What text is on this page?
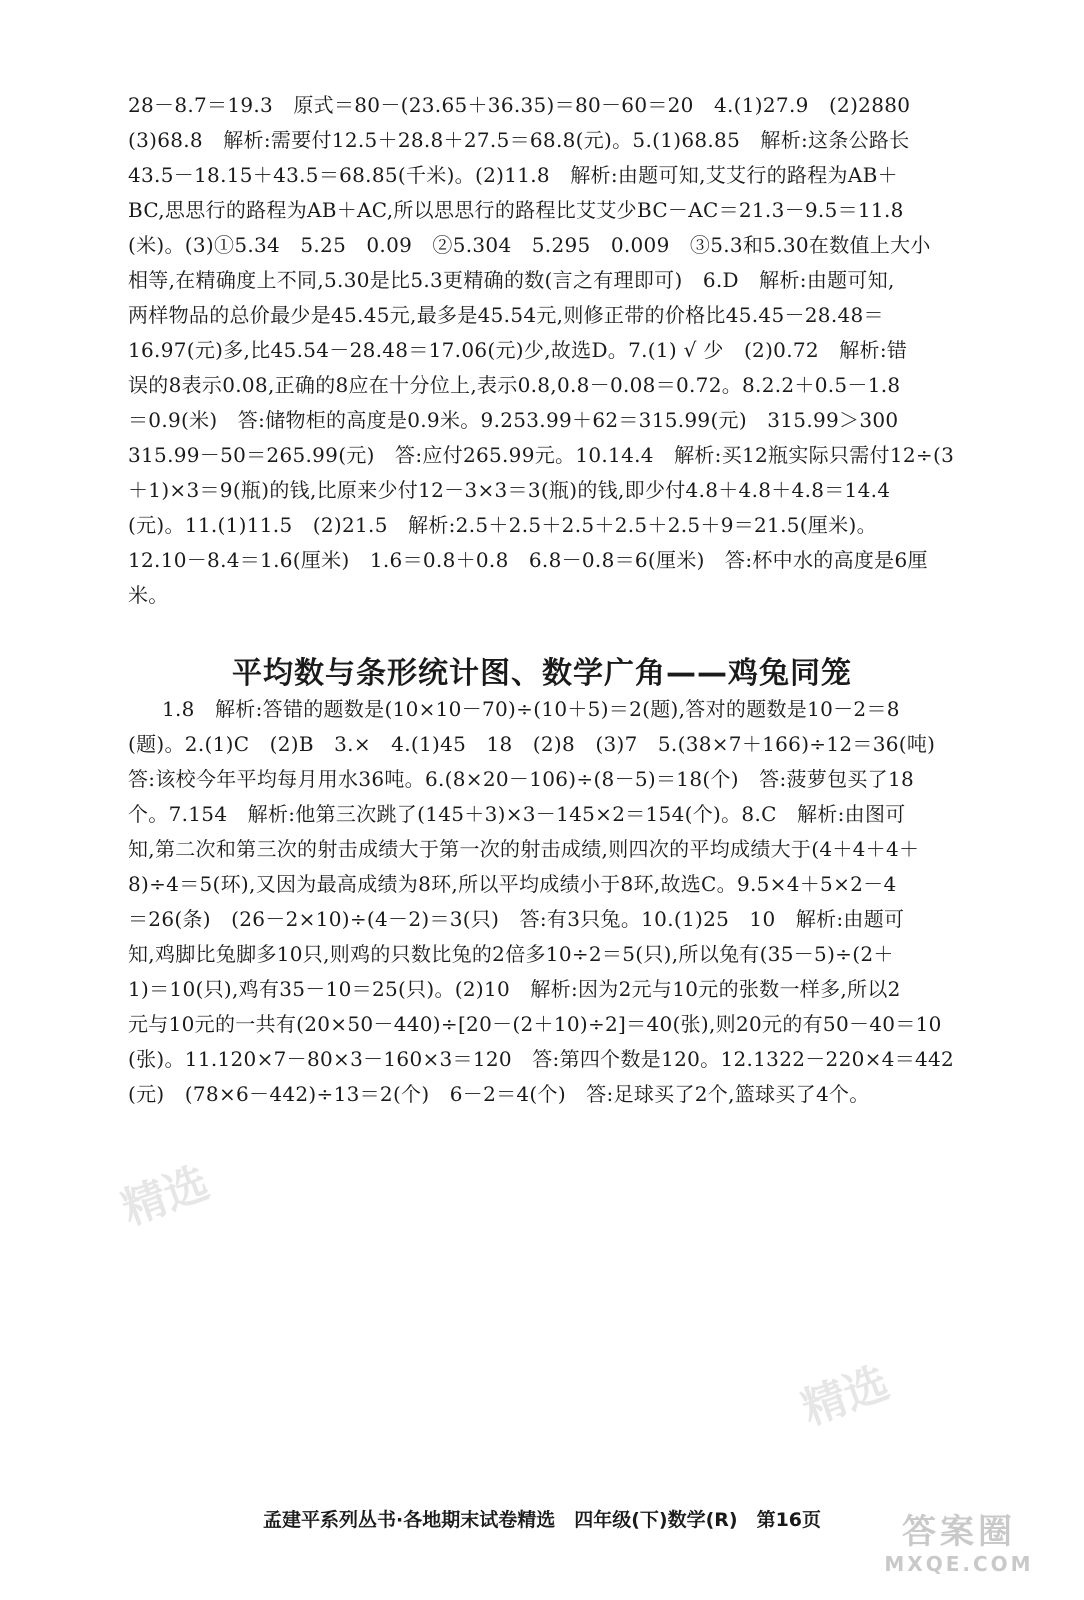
精选
精选
28－8.7＝19.3　原式＝80－(23.65＋36.35)＝80－60＝20　4.(1)27.9　(2)2880
(3)68.8　解析:需要付12.5＋28.8＋27.5＝68.8(元)。5.(1)68.85　解析:这条公路长
43.5－18.15＋43.5＝68.85(千米)。(2)11.8　解析:由题可知,艾艾行的路程为AB＋
BC,思思行的路程为AB＋AC,所以思思行的路程比艾艾少BC－AC＝21.3－9.5＝11.8
(米)。(3)①5.34　5.25　0.09　②5.304　5.295　0.009　③5.3和5.30在数值上大小
相等,在精确度上不同,5.30是比5.3更精确的数(言之有理即可)　6.D　解析:由题可知,
两样物品的总价最少是45.45元,最多是45.54元,则修正带的价格比45.45－28.48＝
16.97(元)多,比45.54－28.48＝17.06(元)少,故选D。7.(1) √ 少　(2)0.72　解析:错
误的8表示0.08,正确的8应在十分位上,表示0.8,0.8－0.08＝0.72。8.2.2＋0.5－1.8
＝0.9(米)　答:储物柜的高度是0.9米。9.253.99＋62＝315.99(元)　315.99＞300
315.99－50＝265.99(元)　答:应付265.99元。10.14.4　解析:买12瓶实际只需付12÷(3
＋1)×3＝9(瓶)的钱,比原来少付12－3×3＝3(瓶)的钱,即少付4.8＋4.8＋4.8＝14.4
(元)。11.(1)11.5　(2)21.5　解析:2.5＋2.5＋2.5＋2.5＋2.5＋9＝21.5(厘米)。
12.10－8.4＝1.6(厘米)　1.6＝0.8＋0.8　6.8－0.8＝6(厘米)　答:杯中水的高度是6厘
米。
平均数与条形统计图、数学广角——鸡兔同笼
1.8　解析:答错的题数是(10×10－70)÷(10＋5)＝2(题),答对的题数是10－2＝8
(题)。2.(1)C　(2)B　3.×　4.(1)45　18　(2)8　(3)7　5.(38×7＋166)÷12＝36(吨)
答:该校今年平均每月用水36吨。6.(8×20－106)÷(8－5)＝18(个)　答:菠萝包买了18
个。7.154　解析:他第三次跳了(145＋3)×3－145×2＝154(个)。8.C　解析:由图可
知,第二次和第三次的射击成绩大于第一次的射击成绩,则四次的平均成绩大于(4＋4＋4＋
8)÷4＝5(环),又因为最高成绩为8环,所以平均成绩小于8环,故选C。9.5×4＋5×2－4
＝26(条)　(26－2×10)÷(4－2)＝3(只)　答:有3只兔。10.(1)25　10　解析:由题可
知,鸡脚比兔脚多10只,则鸡的只数比兔的2倍多10÷2＝5(只),所以兔有(35－5)÷(2＋
1)＝10(只),鸡有35－10＝25(只)。(2)10　解析:因为2元与10元的张数一样多,所以2
元与10元的一共有(20×50－440)÷[20－(2＋10)÷2]＝40(张),则20元的有50－40＝10
(张)。11.120×7－80×3－160×3＝120　答:第四个数是120。12.1322－220×4＝442
(元)　(78×6－442)÷13＝2(个)　6－2＝4(个)　答:足球买了2个,篮球买了4个。
孟建平系列丛书·各地期末试卷精选　四年级(下)数学(R)　第16页	答案圈
MXQE.COM
